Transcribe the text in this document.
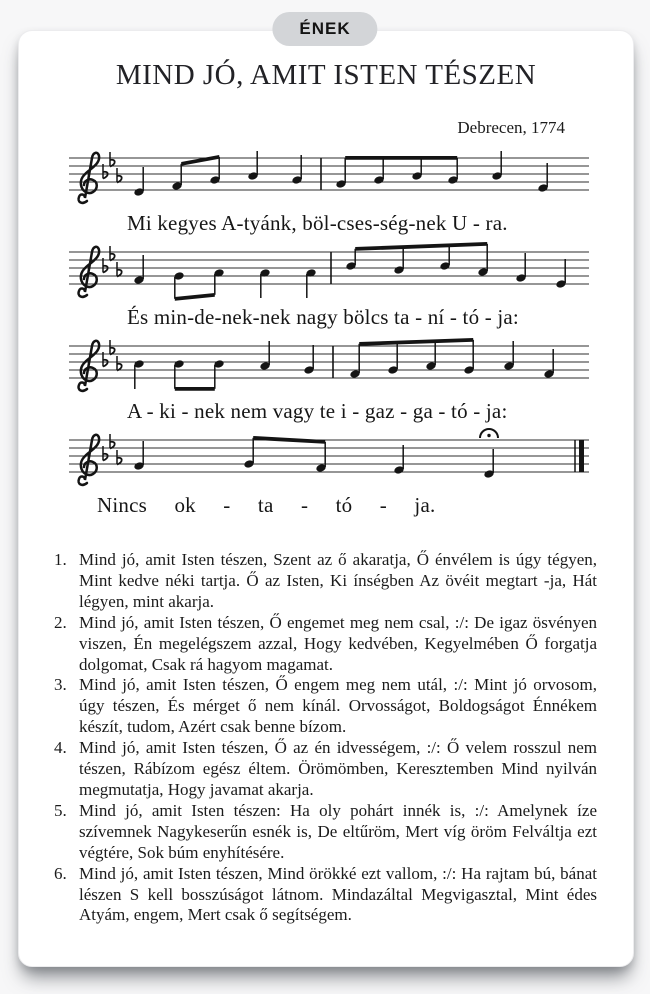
ÉNEK
MIND JÓ, AMIT ISTEN TÉSZEN
Debrecen, 1774
Mi kegyes A-tyánk, böl-cses-ség-nek U - ra.
És min-de-nek-nek nagy bölcs ta - ní - tó - ja:
A - ki - nek nem vagy te i - gaz - ga - tó - ja:
Nincs ok - ta - tó - ja.
1. Mind jó, amit Isten tészen, Szent az ő akaratja, Ő énvélem is úgy tégyen, Mint kedve néki tartja. Ő az Isten, Ki ínségben Az övéit megtart -ja, Hát légyen, mint akarja.
2. Mind jó, amit Isten tészen, Ő engemet meg nem csal, :/: De igaz ösvényen viszen, Én megelégszem azzal, Hogy kedvében, Kegyelmében Ő forgatja dolgomat, Csak rá hagyom magamat.
3. Mind jó, amit Isten tészen, Ő engem meg nem utál, :/: Mint jó orvosom, úgy tészen, És mérget ő nem kínál. Orvosságot, Boldogságot Énnékem készít, tudom, Azért csak benne bízom.
4. Mind jó, amit Isten tészen, Ő az én idvességem, :/: Ő velem rosszul nem tészen, Rábízom egész éltem. Örömömben, Keresztemben Mind nyilván megmutatja, Hogy javamat akarja.
5. Mind jó, amit Isten tészen: Ha oly pohárt innék is, :/: Amelynek íze szívemnek Nagykeserűn esnék is, De eltűröm, Mert víg öröm Felváltja ezt végtére, Sok búm enyhítésére.
6. Mind jó, amit Isten tészen, Mind örökké ezt vallom, :/: Ha rajtam bú, bánat lészen S kell bosszúságot látnom. Mindazáltal Megvigasztal, Mint édes Atyám, engem, Mert csak ő segítségem.
